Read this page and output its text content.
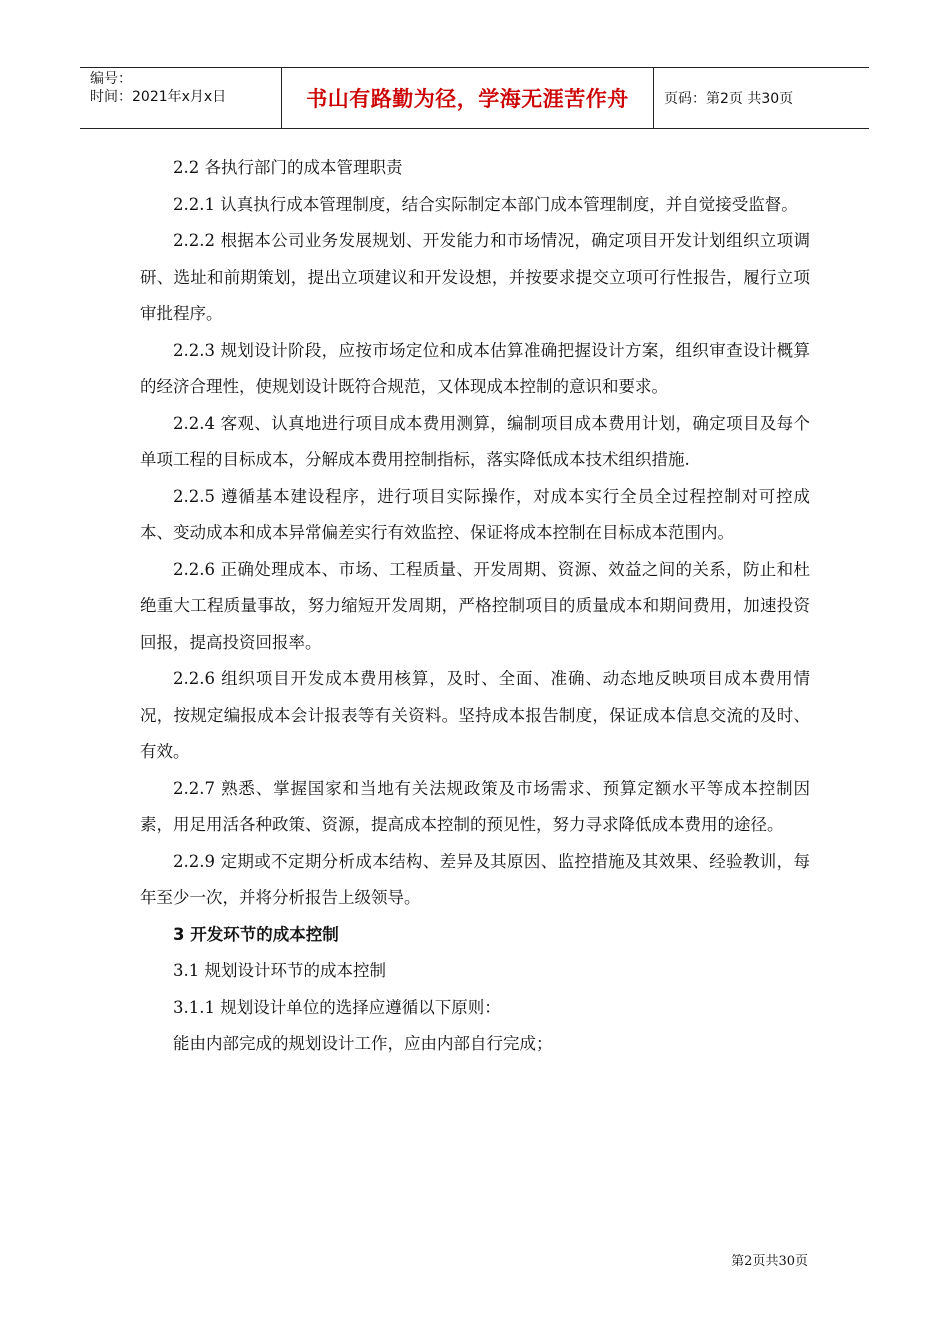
编号：
时间：2021年x月x日	书山有路勤为径，学海无涯苦作舟	页码：第2页 共30页

2.2 各执行部门的成本管理职责

2.2.1 认真执行成本管理制度，结合实际制定本部门成本管理制度，并自觉接受监督。

2.2.2 根据本公司业务发展规划、开发能力和市场情况，确定项目开发计划组织立项调研、选址和前期策划，提出立项建议和开发设想，并按要求提交立项可行性报告，履行立项审批程序。

2.2.3 规划设计阶段，应按市场定位和成本估算准确把握设计方案，组织审查设计概算的经济合理性，使规划设计既符合规范，又体现成本控制的意识和要求。

2.2.4 客观、认真地进行项目成本费用测算，编制项目成本费用计划，确定项目及每个单项工程的目标成本，分解成本费用控制指标，落实降低成本技术组织措施.

2.2.5 遵循基本建设程序，进行项目实际操作，对成本实行全员全过程控制对可控成本、变动成本和成本异常偏差实行有效监控、保证将成本控制在目标成本范围内。

2.2.6 正确处理成本、市场、工程质量、开发周期、资源、效益之间的关系，防止和杜绝重大工程质量事故，努力缩短开发周期，严格控制项目的质量成本和期间费用，加速投资回报，提高投资回报率。

2.2.6 组织项目开发成本费用核算，及时、全面、准确、动态地反映项目成本费用情况，按规定编报成本会计报表等有关资料。坚持成本报告制度，保证成本信息交流的及时、有效。

2.2.7 熟悉、掌握国家和当地有关法规政策及市场需求、预算定额水平等成本控制因素，用足用活各种政策、资源，提高成本控制的预见性，努力寻求降低成本费用的途径。

2.2.9 定期或不定期分析成本结构、差异及其原因、监控措施及其效果、经验教训，每年至少一次，并将分析报告上级领导。

3 开发环节的成本控制

3.1 规划设计环节的成本控制

3.1.1 规划设计单位的选择应遵循以下原则：

能由内部完成的规划设计工作，应由内部自行完成；

第2页共30页
